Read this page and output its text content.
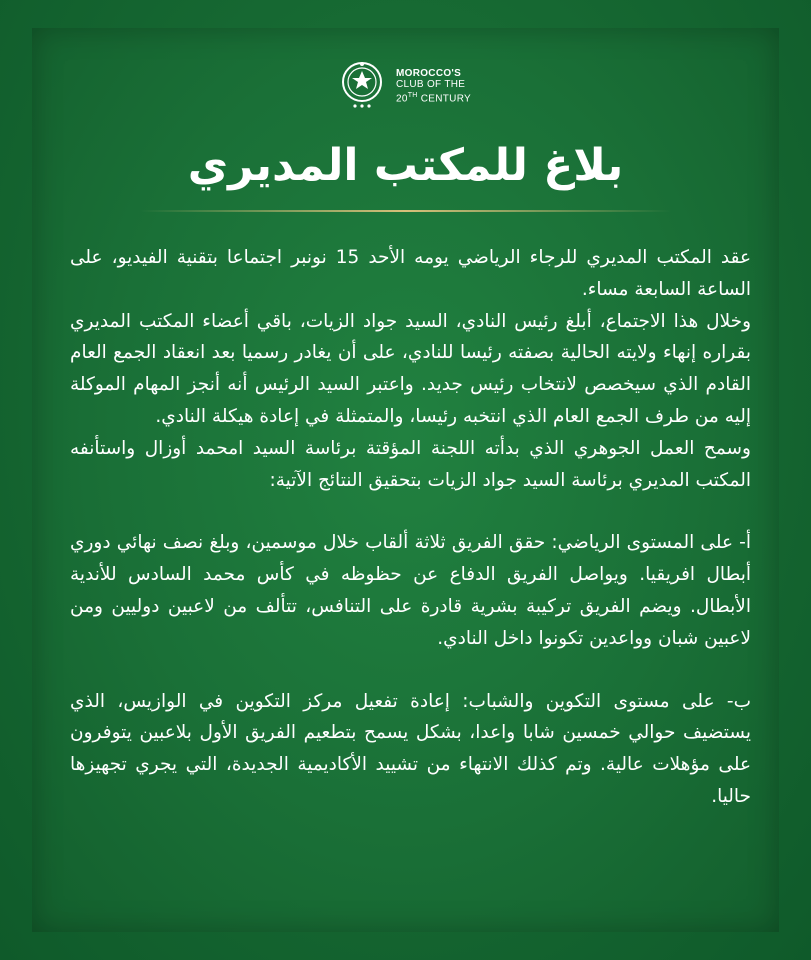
MOROCCO'S
CLUB OF THE
20TH CENTURY
بلاغ للمكتب المديري

عقد المكتب المديري للرجاء الرياضي يومه الأحد 15 نونبر اجتماعا بتقنية الفيديو، على الساعة السابعة مساء.

وخلال هذا الاجتماع، أبلغ رئيس النادي، السيد جواد الزيات، باقي أعضاء المكتب المديري بقراره إنهاء ولايته الحالية بصفته رئيسا للنادي، على أن يغادر رسميا بعد انعقاد الجمع العام القادم الذي سيخصص لانتخاب رئيس جديد. واعتبر السيد الرئيس أنه أنجز المهام الموكلة إليه من طرف الجمع العام الذي انتخبه رئيسا، والمتمثلة في إعادة هيكلة النادي.

وسمح العمل الجوهري الذي بدأته اللجنة المؤقتة برئاسة السيد امحمد أوزال واستأنفه المكتب المديري برئاسة السيد جواد الزيات بتحقيق النتائج الآتية:

أ- على المستوى الرياضي: حقق الفريق ثلاثة ألقاب خلال موسمين، وبلغ نصف نهائي دوري أبطال افريقيا. ويواصل الفريق الدفاع عن حظوظه في كأس محمد السادس للأندية الأبطال. ويضم الفريق تركيبة بشرية قادرة على التنافس، تتألف من لاعبين دوليين ومن لاعبين شبان وواعدين تكونوا داخل النادي.

ب- على مستوى التكوين والشباب: إعادة تفعيل مركز التكوين في الوازيس، الذي يستضيف حوالي خمسين شابا واعدا، بشكل يسمح بتطعيم الفريق الأول بلاعبين يتوفرون على مؤهلات عالية. وتم كذلك الانتهاء من تشييد الأكاديمية الجديدة، التي يجري تجهيزها حاليا.
